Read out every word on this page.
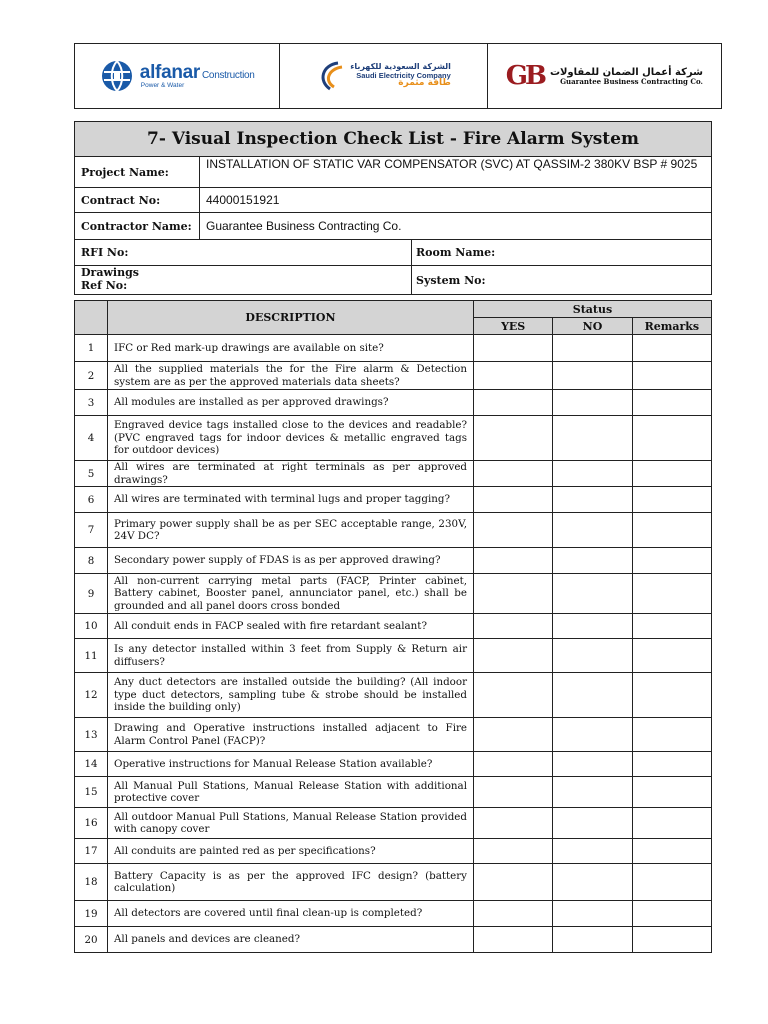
alfanar Construction
Power & Water
الشركة السعودية للكهرباء
Saudi Electricity Company
طاقة مثمرة GB شركة أعمال الضمان للمقاولات
Guarantee Business Contracting Co.
7- Visual Inspection Check List - Fire Alarm System
Project Name:
INSTALLATION OF STATIC VAR COMPENSATOR (SVC) AT QASSIM-2 380KV BSP # 9025
Contract No:	44000151921
Contractor Name:	Guarantee Business Contracting Co.
RFI No:	Room Name:
Drawings
Ref No:	System No:
	DESCRIPTION	Status		
		YES	NO	Remarks
1	IFC or Red mark-up drawings are available on site?			
2	All the supplied materials the for the Fire alarm & Detection system are as per the approved materials data sheets?			
3	All modules are installed as per approved drawings?			
4	Engraved device tags installed close to the devices and readable? (PVC engraved tags for indoor devices & metallic engraved tags for outdoor devices)			
5	All wires are terminated at right terminals as per approved drawings?			
6	All wires are terminated with terminal lugs and proper tagging?			
7	Primary power supply shall be as per SEC acceptable range, 230V, 24V DC?			
8	Secondary power supply of FDAS is as per approved drawing?			
9	All non-current carrying metal parts (FACP, Printer cabinet, Battery cabinet, Booster panel, annunciator panel, etc.) shall be grounded and all panel doors cross bonded			
10	All conduit ends in FACP sealed with fire retardant sealant?			
11	Is any detector installed within 3 feet from Supply & Return air diffusers?			
12	Any duct detectors are installed outside the building? (All indoor type duct detectors, sampling tube & strobe should be installed inside the building only)			
13	Drawing and Operative instructions installed adjacent to Fire Alarm Control Panel (FACP)?			
14	Operative instructions for Manual Release Station available?			
15	All Manual Pull Stations, Manual Release Station with additional protective cover			
16	All outdoor Manual Pull Stations, Manual Release Station provided with canopy cover			
17	All conduits are painted red as per specifications?			
18	Battery Capacity is as per the approved IFC design? (battery calculation)			
19	All detectors are covered until final clean-up is completed?			
20	All panels and devices are cleaned?			
